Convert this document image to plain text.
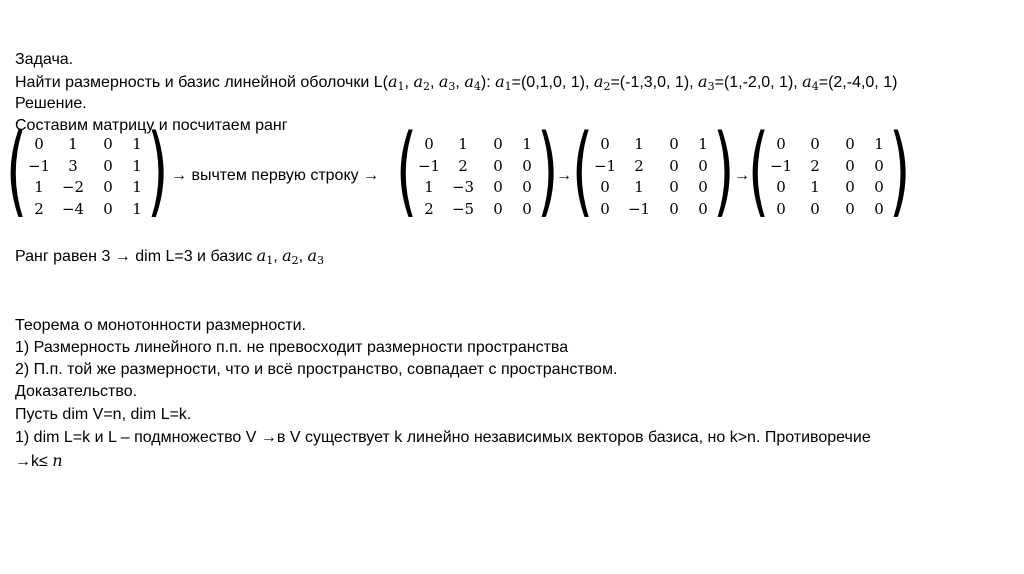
Задача.
Найти размерность и базис линейной оболочки $L(a_1$, $a_2$, $a_3$, $a_4$): $a_1=(0,1,0$, 1), $a_2=(-1,3,0$, 1), $a_3=(1,-2,0$, 1), $a_4=(2,-4,0$, 1)
Решение.
Составим матрицу и посчитаем ранг
( 0	1	0	1
−1	3	0	1
1	−2	0	1
2	−4	0	1 ) → вычтем первую строку → ( 0	1	0	1
−1	2	0	0
1	−3	0	0
2	−5	0	0 )
→ ( 0	1	0	1
−1	2	0	0
0	1	0	0
0	−1	0	0 ) →
( 0	0	0	1
−1	2	0	0
0	1	0	0
0	0	0	0 )
Ранг равен 3 → dim L=3 и базис $a_1$, $a_2$, $a_3$
Теорема о монотонности размерности.
1) Размерность линейного п.п. не превосходит размерности пространства
2) П.п. той же размерности, что и всё пространство, совпадает с пространством.
Доказательство.
Пусть dim V=n, dim L=k.
1) dim L=k и L – подмножество V →в V существует k линейно независимых векторов базиса, но k>n. Противоречие
→k≤ n
